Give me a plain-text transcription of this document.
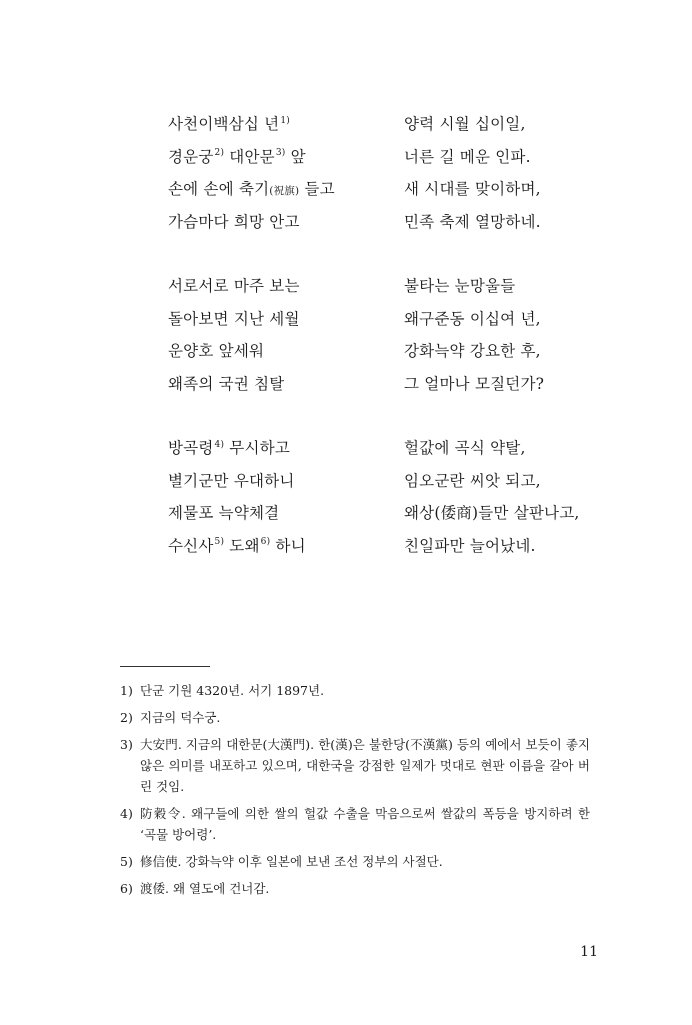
사천이백삼십 년$^{1)}$	양력 시월 십이일,
경운궁$^{2)}$ 대안문$^{3)}$ 앞	너른 길 메운 인파.
손에 손에 축기(祝旗) 들고	새 시대를 맞이하며,
가슴마다 희망 안고	민족 축제 열망하네.
서로서로 마주 보는	불타는 눈망울들
돌아보면 지난 세월	왜구준동 이십여 년,
운양호 앞세워	강화늑약 강요한 후,
왜족의 국권 침탈	그 얼마나 모질던가?
방곡령$^{4)}$ 무시하고	헐값에 곡식 약탈,
별기군만 우대하니	임오군란 씨앗 되고,
제물포 늑약체결	왜상(倭商)들만 살판나고,
수신사$^{5)}$ 도왜$^{6)}$ 하니	친일파만 늘어났네.
1) 단군 기원 4320년. 서기 1897년.
2) 지금의 덕수궁.
3) 大安門. 지금의 대한문(大漢門). 한(漢)은 불한당(不漢黨) 등의 예에서 보듯이 좋지 않은 의미를 내포하고 있으며, 대한국을 강점한 일제가 멋대로 현판 이름을 갈아 버린 것임.
4) 防穀令. 왜구들에 의한 쌀의 헐값 수출을 막음으로써 쌀값의 폭등을 방지하려 한 ‘곡물 방어령’.
5) 修信使. 강화늑약 이후 일본에 보낸 조선 정부의 사절단.
6) 渡倭. 왜 열도에 건너감.
11
